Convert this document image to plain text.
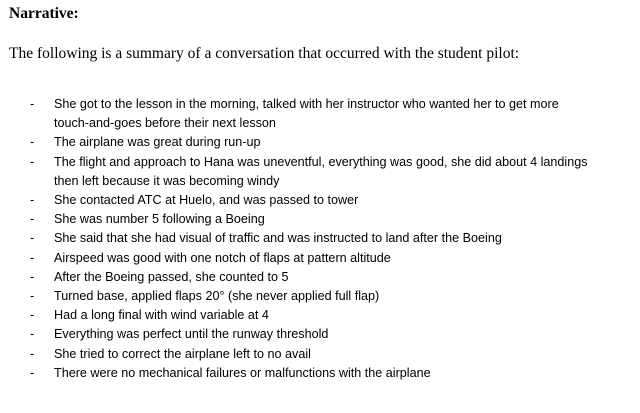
Narrative:
The following is a summary of a conversation that occurred with the student pilot:
- She got to the lesson in the morning, talked with her instructor who wanted her to get more
touch-and-goes before their next lesson
- The airplane was great during run-up
- The flight and approach to Hana was uneventful, everything was good, she did about 4 landings
then left because it was becoming windy
- She contacted ATC at Huelo, and was passed to tower
- She was number 5 following a Boeing
- She said that she had visual of traffic and was instructed to land after the Boeing
- Airspeed was good with one notch of flaps at pattern altitude
- After the Boeing passed, she counted to 5
- Turned base, applied flaps 20° (she never applied full flap)
- Had a long final with wind variable at 4
- Everything was perfect until the runway threshold
- She tried to correct the airplane left to no avail
- There were no mechanical failures or malfunctions with the airplane
